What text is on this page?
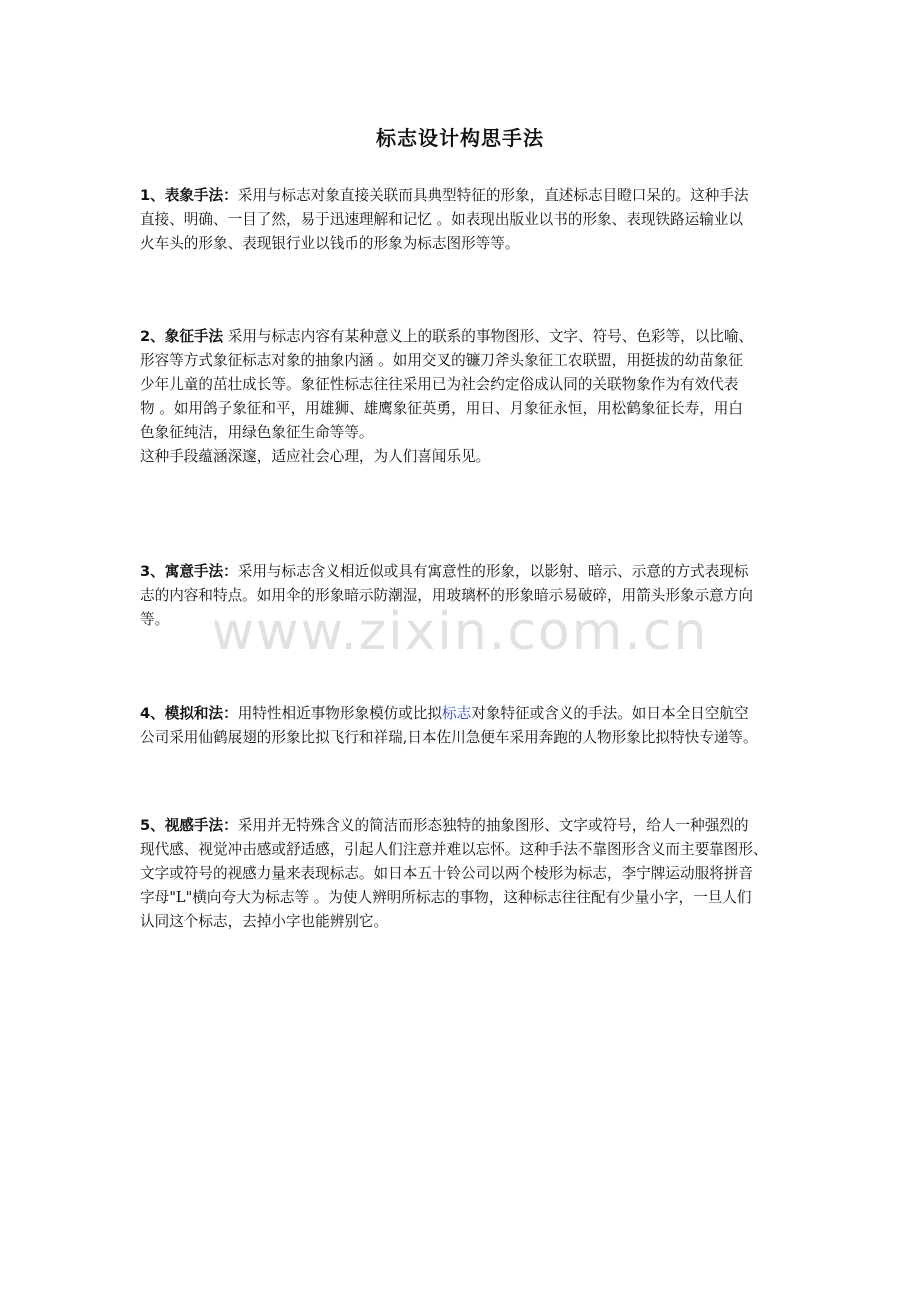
标志设计构思手法
1、表象手法：采用与标志对象直接关联而具典型特征的形象，直述标志目瞪口呆的。这种手法
直接、明确、一目了然，易于迅速理解和记忆 。如表现出版业以书的形象、表现铁路运输业以
火车头的形象、表现银行业以钱币的形象为标志图形等等。
2、象征手法 采用与标志内容有某种意义上的联系的事物图形、文字、符号、色彩等，以比喻、
形容等方式象征标志对象的抽象内涵 。如用交叉的镰刀斧头象征工农联盟，用挺拔的幼苗象征
少年儿童的茁壮成长等。象征性标志往往采用已为社会约定俗成认同的关联物象作为有效代表
物 。如用鸽子象征和平，用雄狮、雄鹰象征英勇，用日、月象征永恒，用松鹤象征长寿，用白
色象征纯洁，用绿色象征生命等等。
这种手段蕴涵深邃，适应社会心理，为人们喜闻乐见。
www.zixin.com.cn
3、寓意手法：采用与标志含义相近似或具有寓意性的形象，以影射、暗示、示意的方式表现标
志的内容和特点。如用伞的形象暗示防潮湿，用玻璃杯的形象暗示易破碎，用箭头形象示意方向
等。
4、模拟和法：用特性相近事物形象模仿或比拟标志对象特征或含义的手法。如日本全日空航空
公司采用仙鹤展翅的形象比拟飞行和祥瑞,日本佐川急便车采用奔跑的人物形象比拟特快专递等。
5、视感手法：采用并无特殊含义的简洁而形态独特的抽象图形、文字或符号，给人一种强烈的
现代感、视觉冲击感或舒适感，引起人们注意并难以忘怀。这种手法不靠图形含义而主要靠图形、
文字或符号的视感力量来表现标志。如日本五十铃公司以两个棱形为标志，李宁牌运动服将拼音
字母"L"横向夸大为标志等 。为使人辨明所标志的事物，这种标志往往配有少量小字，一旦人们
认同这个标志，去掉小字也能辨别它。
